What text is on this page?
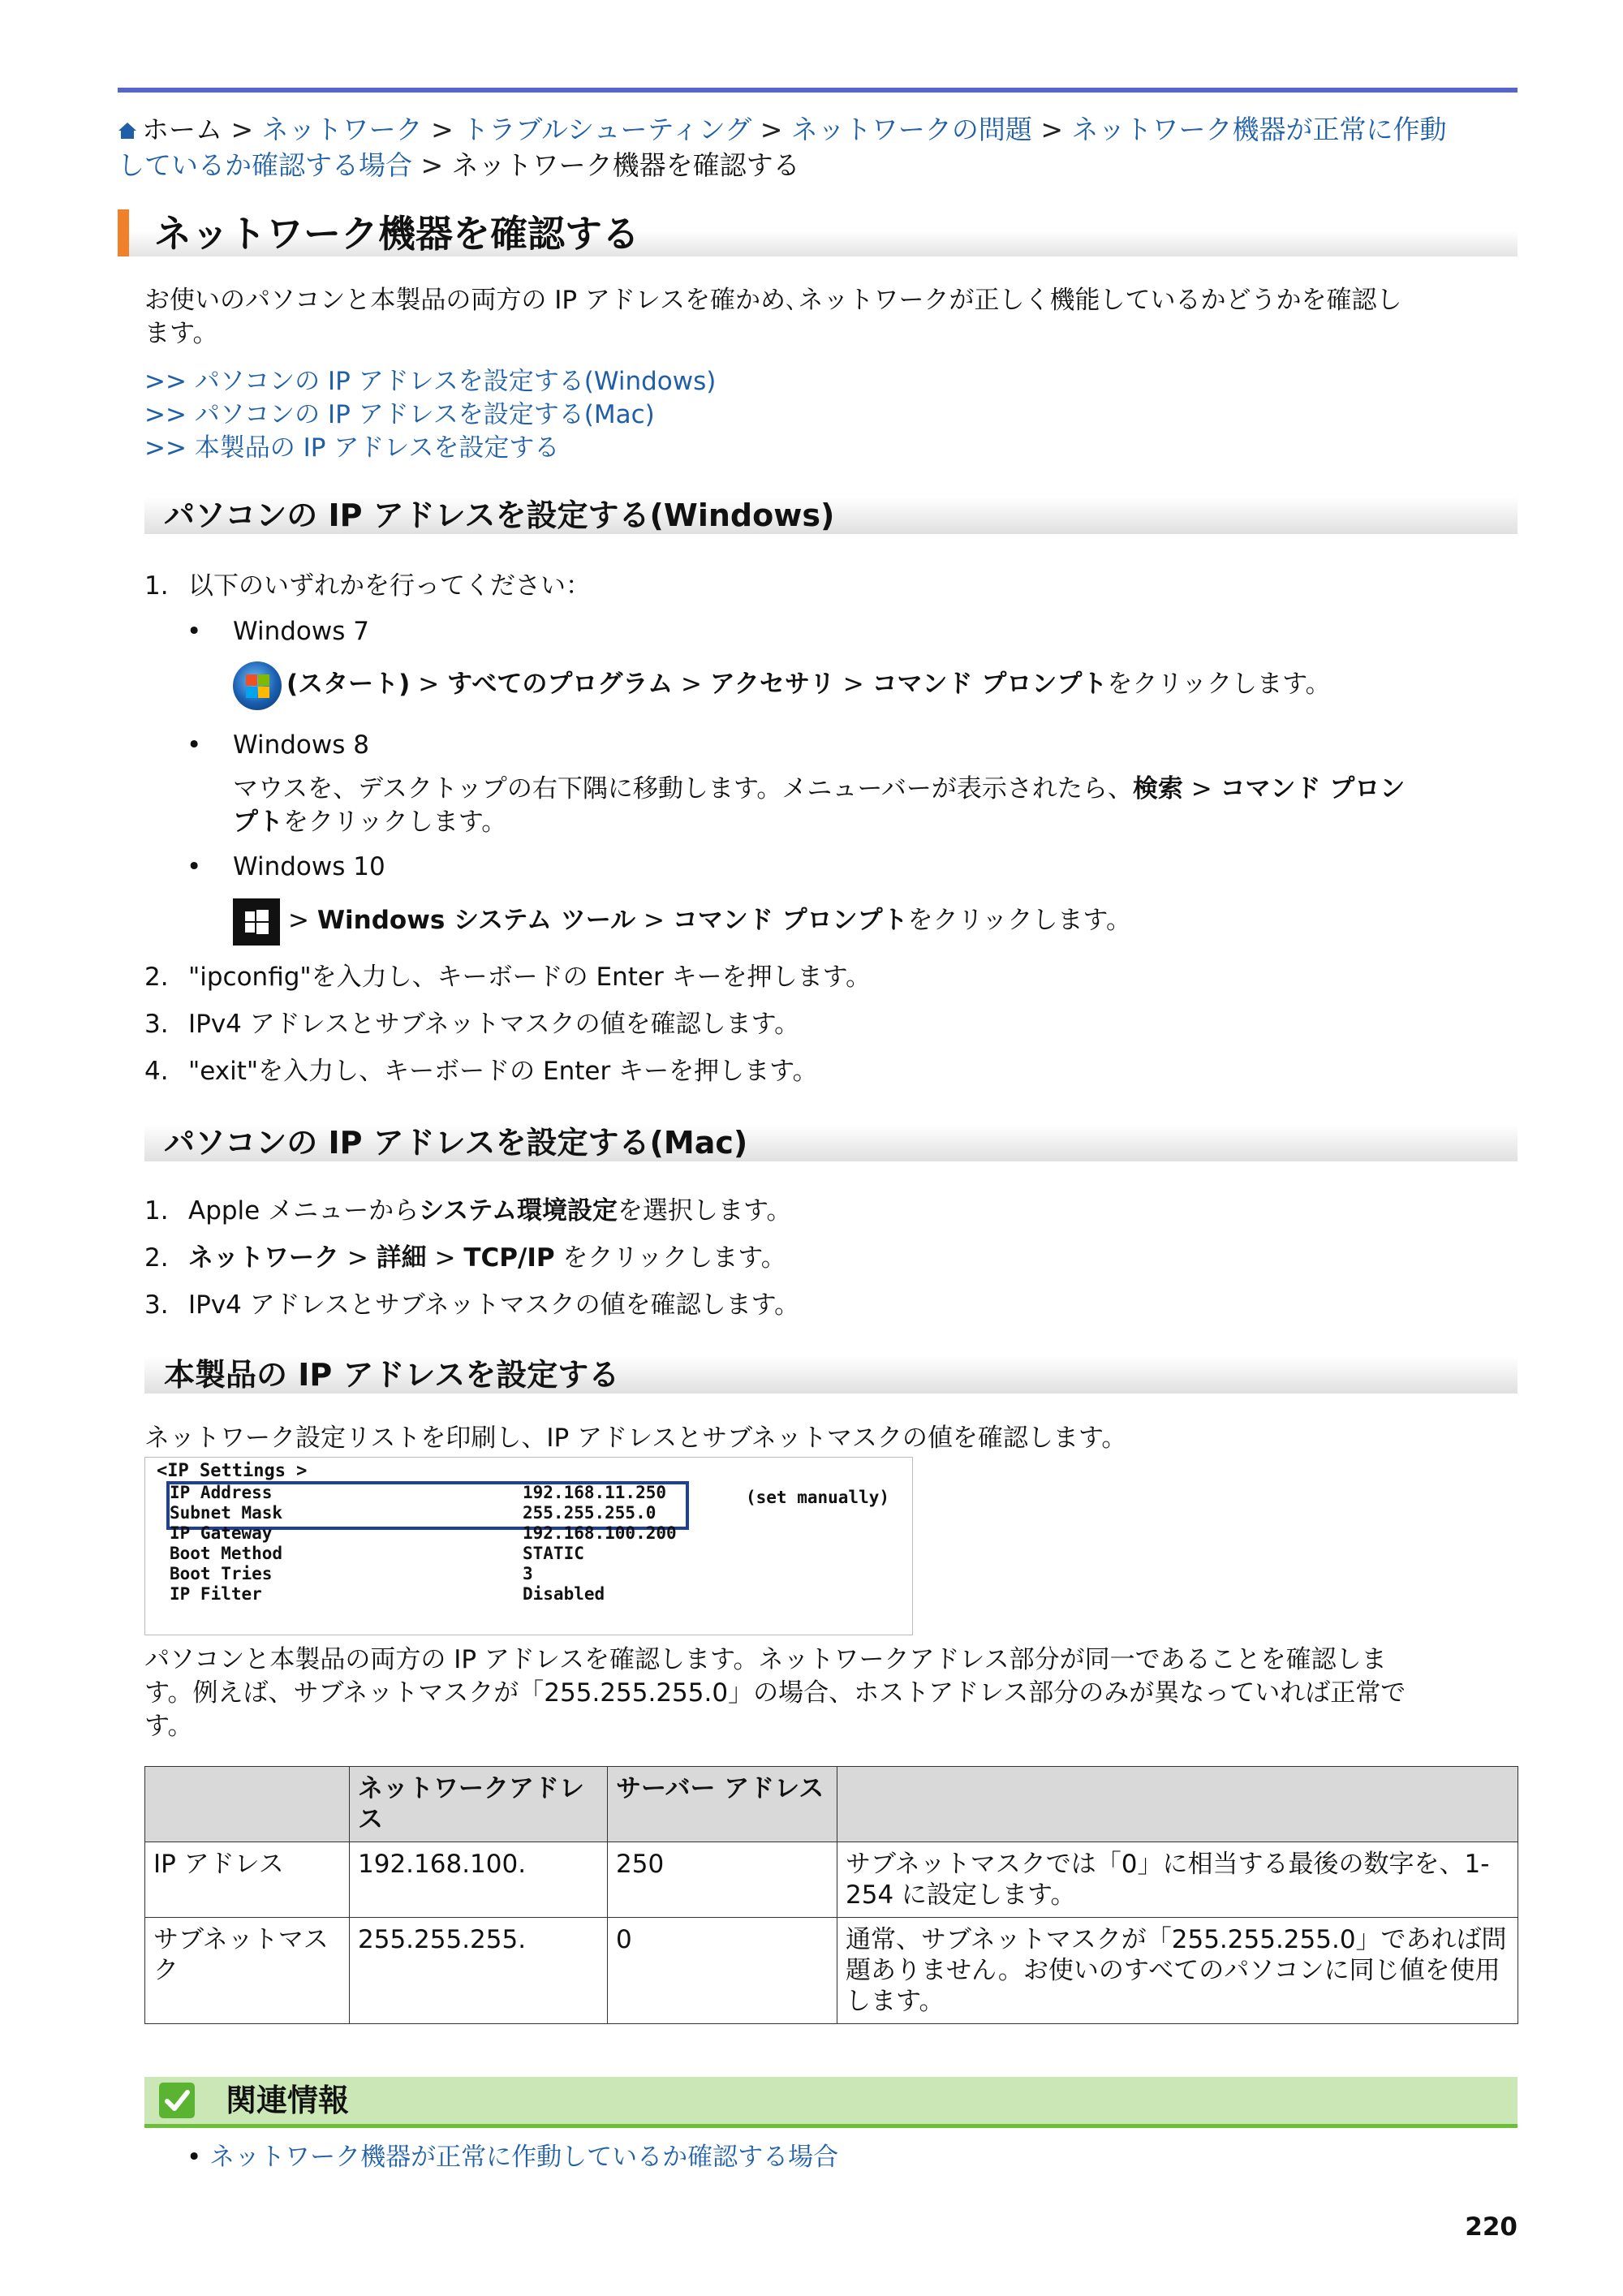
ホーム > ネットワーク > トラブルシューティング > ネットワークの問題 > ネットワーク機器が正常に作動
しているか確認する場合 > ネットワーク機器を確認する
ネットワーク機器を確認する
お使いのパソコンと本製品の両方の IP アドレスを確かめ､ネットワークが正しく機能しているかどうかを確認し
ます。
>> パソコンの IP アドレスを設定する(Windows)
>> パソコンの IP アドレスを設定する(Mac)
>> 本製品の IP アドレスを設定する
パソコンの IP アドレスを設定する(Windows)
1. 以下のいずれかを行ってください：
• Windows 7
(スタート) > すべてのプログラム > アクセサリ > コマンド プロンプトをクリックします。
• Windows 8
マウスを、デスクトップの右下隅に移動します。メニューバーが表示されたら、検索 > コマンド プロン
プトをクリックします。
• Windows 10
> Windows システム ツール > コマンド プロンプトをクリックします。
2. "ipconfig"を入力し、キーボードの Enter キーを押します。
3. IPv4 アドレスとサブネットマスクの値を確認します。
4. "exit"を入力し、キーボードの Enter キーを押します。
パソコンの IP アドレスを設定する(Mac)
1. Apple メニューからシステム環境設定を選択します。
2. ネットワーク > 詳細 > TCP/IP をクリックします。
3. IPv4 アドレスとサブネットマスクの値を確認します。
本製品の IP アドレスを設定する
ネットワーク設定リストを印刷し、IP アドレスとサブネットマスクの値を確認します。
<IP Settings >
IP Address	192.168.11.250
Subnet Mask	255.255.255.0
IP Gateway	192.168.100.200
Boot Method	STATIC
Boot Tries	3
IP Filter	Disabled
(set manually)
パソコンと本製品の両方の IP アドレスを確認します。ネットワークアドレス部分が同一であることを確認しま
す。例えば、サブネットマスクが「255.255.255.0」の場合、ホストアドレス部分のみが異なっていれば正常で
す。
	ネットワークアドレス	サーバー アドレス	
IP アドレス	192.168.100.	250	サブネットマスクでは「0」に相当する最後の数字を、1-254 に設定します。
サブネットマスク	255.255.255.	0	通常、サブネットマスクが「255.255.255.0」であれば問題ありません。お使いのすべてのパソコンに同じ値を使用します。
関連情報
• ネットワーク機器が正常に作動しているか確認する場合
220
